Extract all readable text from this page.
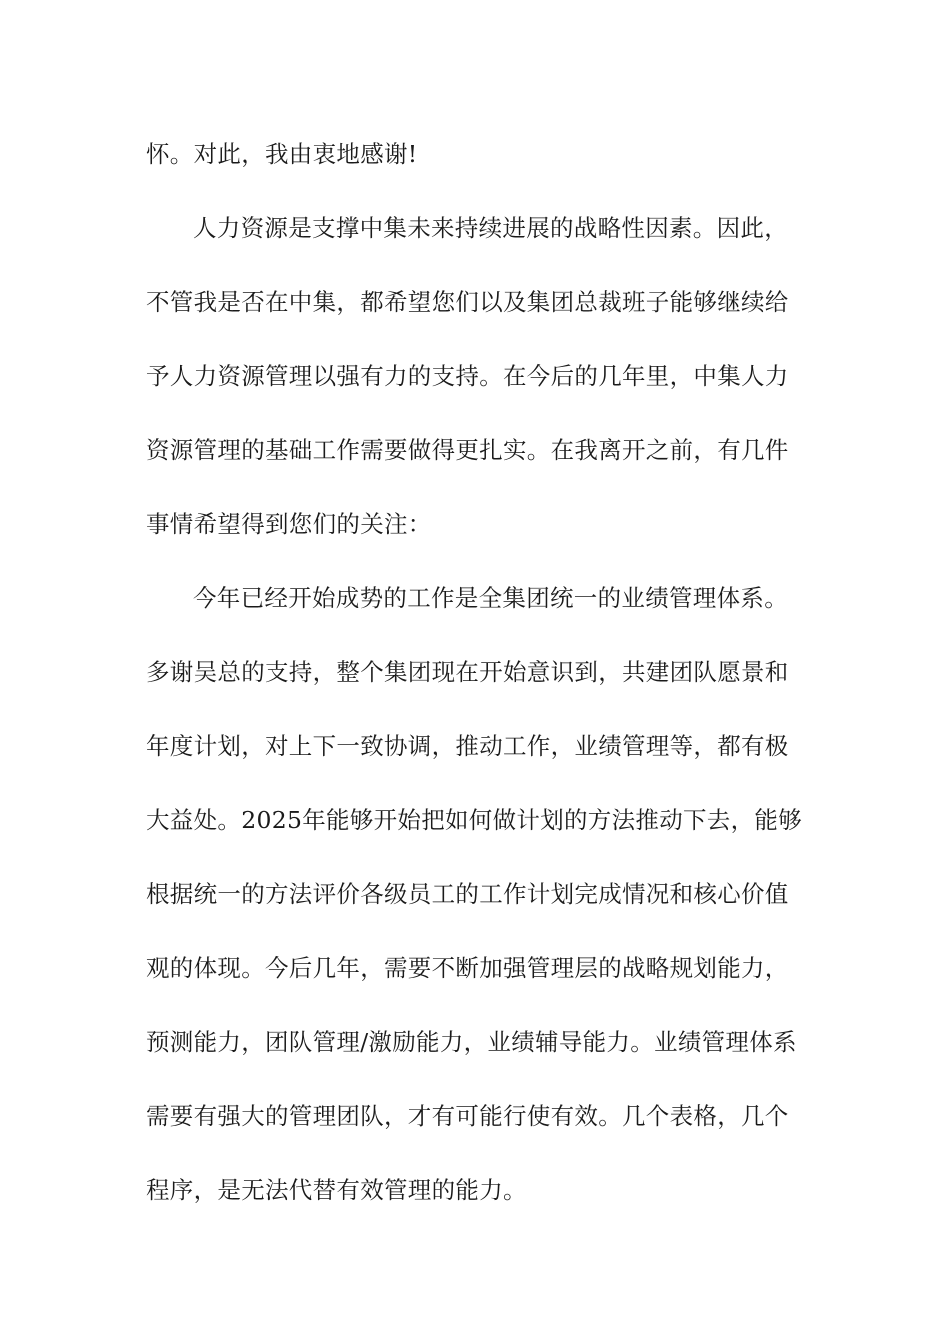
怀。对此，我由衷地感谢!
人力资源是支撑中集未来持续进展的战略性因素。因此，
不管我是否在中集，都希望您们以及集团总裁班子能够继续给
予人力资源管理以强有力的支持。在今后的几年里，中集人力
资源管理的基础工作需要做得更扎实。在我离开之前，有几件
事情希望得到您们的关注：
今年已经开始成势的工作是全集团统一的业绩管理体系。
多谢吴总的支持，整个集团现在开始意识到，共建团队愿景和
年度计划，对上下一致协调，推动工作，业绩管理等，都有极
大益处。2025年能够开始把如何做计划的方法推动下去，能够
根据统一的方法评价各级员工的工作计划完成情况和核心价值
观的体现。今后几年，需要不断加强管理层的战略规划能力，
预测能力，团队管理/激励能力，业绩辅导能力。业绩管理体系
需要有强大的管理团队，才有可能行使有效。几个表格，几个
程序，是无法代替有效管理的能力。
